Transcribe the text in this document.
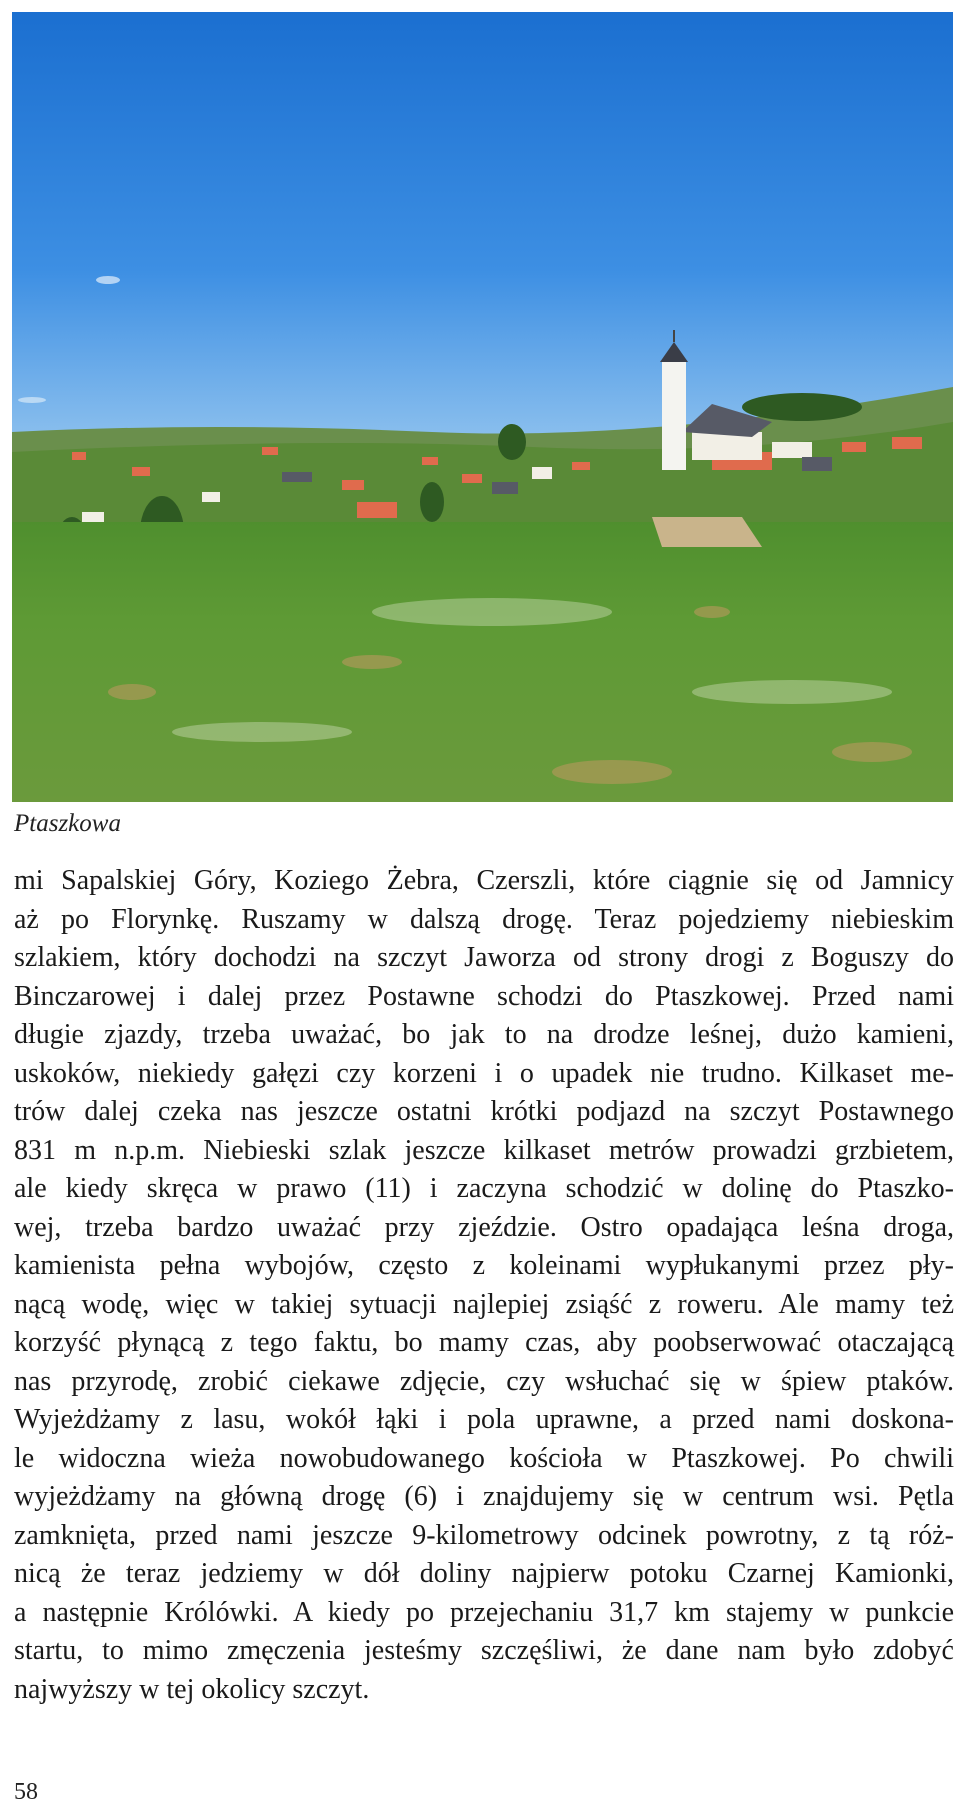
Ptaszkowa
mi Sapalskiej Góry, Koziego Żebra, Czerszli, które ciągnie się od Jamnicy
aż po Florynkę. Ruszamy w dalszą drogę. Teraz pojedziemy niebieskim
szlakiem, który dochodzi na szczyt Jaworza od strony drogi z Boguszy do
Binczarowej i dalej przez Postawne schodzi do Ptaszkowej. Przed nami
długie zjazdy, trzeba uważać, bo jak to na drodze leśnej, dużo kamieni,
uskoków, niekiedy gałęzi czy korzeni i o upadek nie trudno. Kilkaset me-
trów dalej czeka nas jeszcze ostatni krótki podjazd na szczyt Postawnego
831 m n.p.m. Niebieski szlak jeszcze kilkaset metrów prowadzi grzbietem,
ale kiedy skręca w prawo (11) i zaczyna schodzić w dolinę do Ptaszko-
wej, trzeba bardzo uważać przy zjeździe. Ostro opadająca leśna droga,
kamienista pełna wybojów, często z koleinami wypłukanymi przez pły-
nącą wodę, więc w takiej sytuacji najlepiej zsiąść z roweru. Ale mamy też
korzyść płynącą z tego faktu, bo mamy czas, aby poobserwować otaczającą
nas przyrodę, zrobić ciekawe zdjęcie, czy wsłuchać się w śpiew ptaków.
Wyjeżdżamy z lasu, wokół łąki i pola uprawne, a przed nami doskona-
le widoczna wieża nowobudowanego kościoła w Ptaszkowej. Po chwili
wyjeżdżamy na główną drogę (6) i znajdujemy się w centrum wsi. Pętla
zamknięta, przed nami jeszcze 9-kilometrowy odcinek powrotny, z tą róż-
nicą że teraz jedziemy w dół doliny najpierw potoku Czarnej Kamionki,
a następnie Królówki. A kiedy po przejechaniu 31,7 km stajemy w punkcie
startu, to mimo zmęczenia jesteśmy szczęśliwi, że dane nam było zdobyć
najwyższy w tej okolicy szczyt.
58
